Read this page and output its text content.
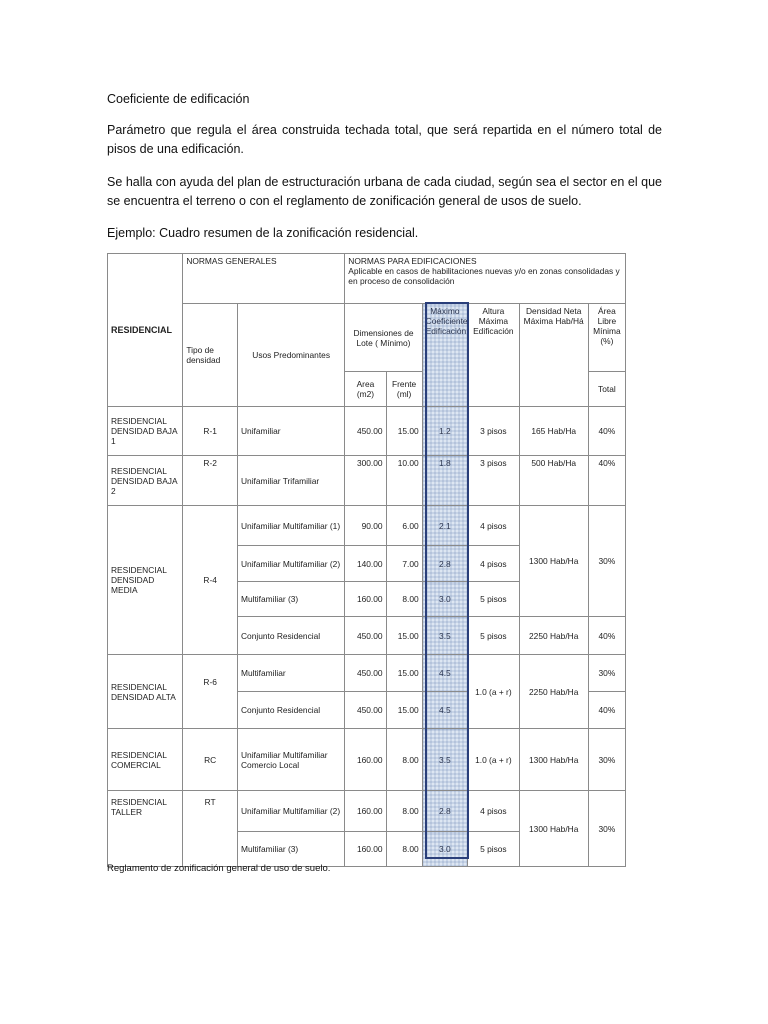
Coeficiente de edificación
Parámetro que regula el área construida techada total, que será repartida en el número total de pisos de una edificación.
Se halla con ayuda del plan de estructuración urbana de cada ciudad, según sea el sector en el que se encuentra el terreno o con el reglamento de zonificación general de usos de suelo.
Ejemplo: Cuadro resumen de la zonificación residencial.
RESIDENCIAL	NORMAS GENERALES		NORMAS PARA EDIFICACIONES
Aplicable en casos de habilitaciones nuevas y/o en zonas consolidadas y en proceso de consolidación					

	Tipo de densidad	Usos Predominantes	Dimensiones de Lote ( Mínimo)		Máximo Coeficiente Edificación	Altura Máxima Edificación	Densidad Neta Máxima Hab/Há	Área Libre Mínima (%)
			Area (m2)	Frente (ml)				Total
RESIDENCIAL DENSIDAD BAJA 1	R-1	Unifamiliar	450.00	15.00	1.2	3 pisos	165 Hab/Ha	40%
RESIDENCIAL DENSIDAD BAJA 2	R-2	Unifamiliar Trifamiliar	300.00	10.00	1.8	3 pisos	500 Hab/Ha	40%
RESIDENCIAL DENSIDAD MEDIA	R-4	Unifamiliar Multifamiliar (1)	90.00	6.00	2.1	4 pisos	1300 Hab/Ha	30%
		Unifamiliar Multifamiliar (2)	140.00	7.00	2.8	4 pisos		
		Multifamiliar (3)	160.00	8.00	3.0	5 pisos		
		Conjunto Residencial	450.00	15.00	3.5	5 pisos	2250 Hab/Ha	40%
RESIDENCIAL DENSIDAD ALTA	R-6	Multifamiliar	450.00	15.00	4.5	1.0 (a + r)	2250 Hab/Ha	30%
		Conjunto Residencial	450.00	15.00	4.5			40%
RESIDENCIAL COMERCIAL	RC	Unifamiliar Multifamiliar Comercio Local	160.00	8.00	3.5	1.0 (a + r)	1300 Hab/Ha	30%
RESIDENCIAL TALLER	RT	Unifamiliar Multifamiliar (2)	160.00	8.00	2.8	4 pisos	1300 Hab/Ha	30%
		Multifamiliar (3)	160.00	8.00	3.0	5 pisos		
Reglamento de zonificación general de uso de suelo.
